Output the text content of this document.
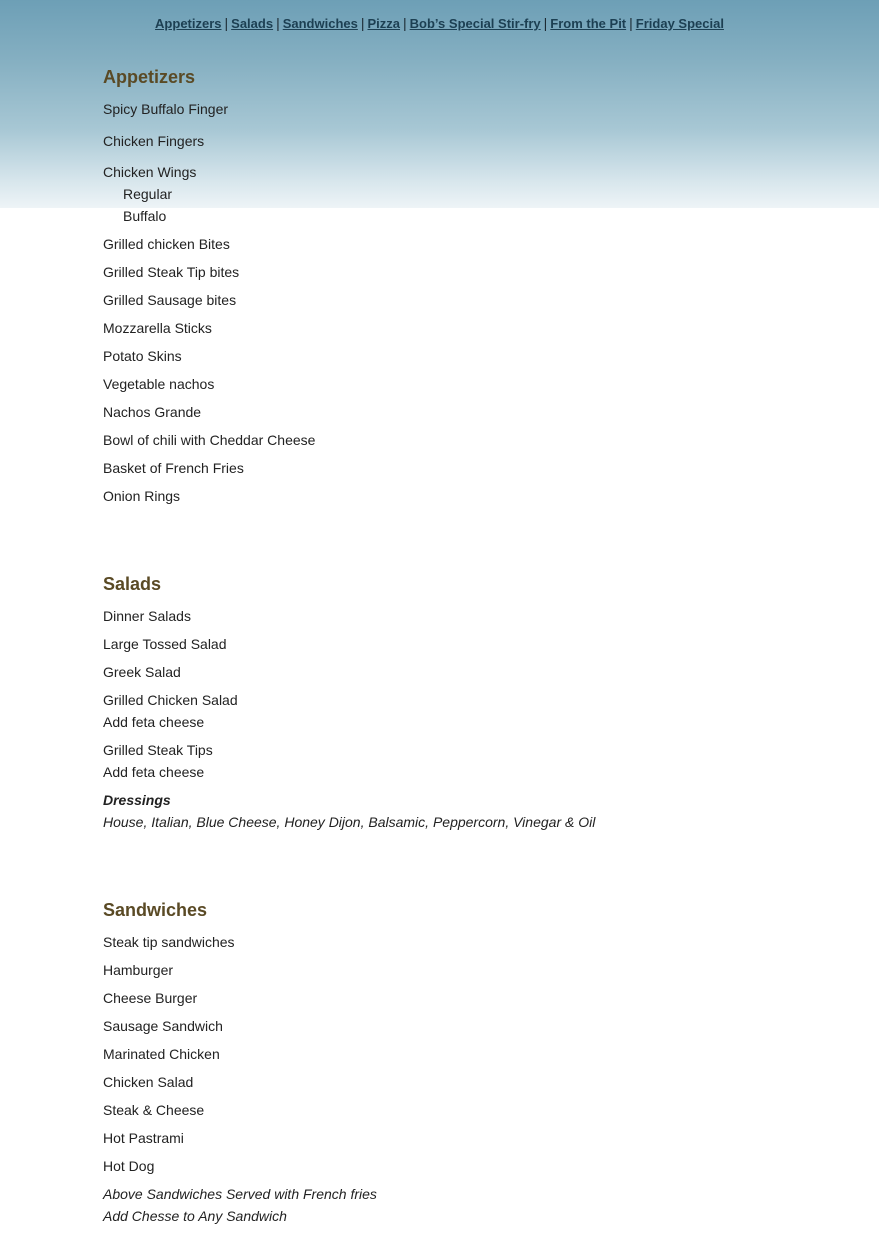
Appetizers | Salads | Sandwiches | Pizza | Bob’s Special Stir-fry | From the Pit | Friday Special
Appetizers
Spicy Buffalo Finger
Chicken Fingers
Chicken Wings
Regular
Buffalo
Grilled chicken Bites
Grilled Steak Tip bites
Grilled Sausage bites
Mozzarella Sticks
Potato Skins
Vegetable nachos
Nachos Grande
Bowl of chili with Cheddar Cheese
Basket of French Fries
Onion Rings
Salads
Dinner Salads
Large Tossed Salad
Greek Salad
Grilled Chicken Salad
Add feta cheese
Grilled Steak Tips
Add feta cheese
Dressings
House, Italian, Blue Cheese, Honey Dijon, Balsamic, Peppercorn, Vinegar & Oil
Sandwiches
Steak tip sandwiches
Hamburger
Cheese Burger
Sausage Sandwich
Marinated Chicken
Chicken Salad
Steak & Cheese
Hot Pastrami
Hot Dog
Above Sandwiches Served with French fries
Add Chesse to Any Sandwich
